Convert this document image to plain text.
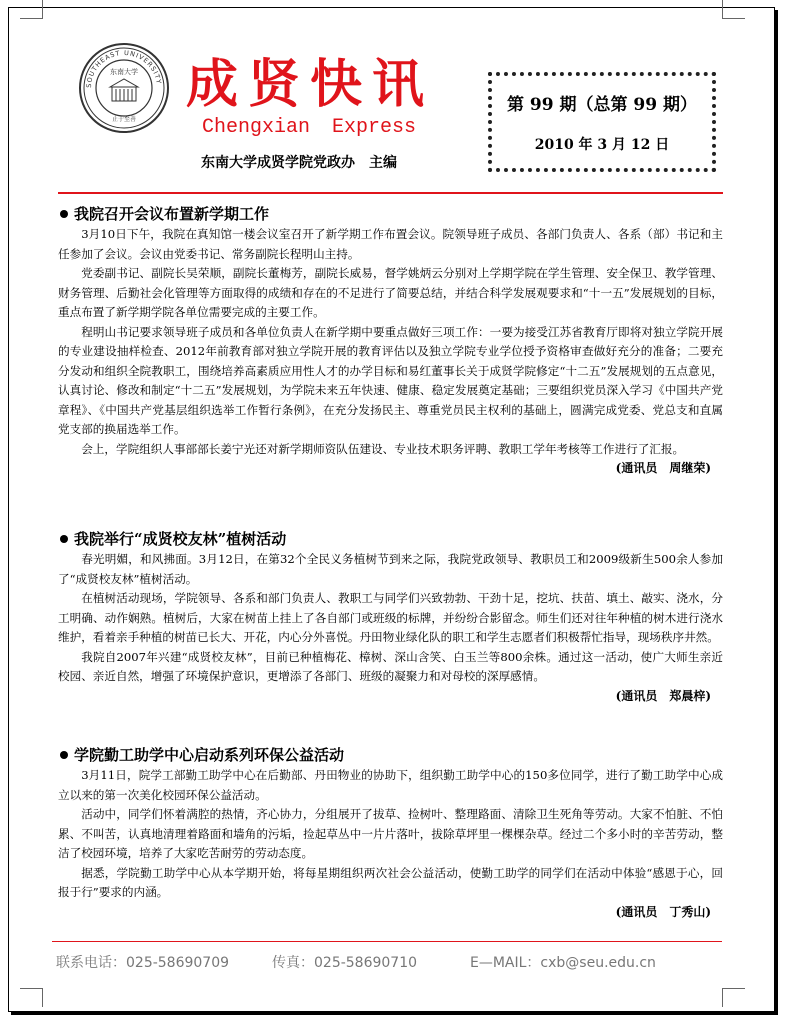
SOUTHEAST UNIVERSITY
东南大学
止于至善
成贤快讯
Chengxian Express
东南大学成贤学院党政办　主编
第 99 期（总第 99 期）
2010 年 3 月 12 日
我院召开会议布置新学期工作

3月10日下午，我院在真知馆一楼会议室召开了新学期工作布置会议。院领导班子成员、各部门负责人、各系（部）书记和主任参加了会议。会议由党委书记、常务副院长程明山主持。

党委副书记、副院长吴荣顺，副院长董梅芳，副院长威易，督学姚炳云分别对上学期学院在学生管理、安全保卫、教学管理、财务管理、后勤社会化管理等方面取得的成绩和存在的不足进行了简要总结，并结合科学发展观要求和“十一五”发展规划的目标，重点布置了新学期学院各单位需要完成的主要工作。

程明山书记要求领导班子成员和各单位负责人在新学期中要重点做好三项工作：一要为接受江苏省教育厅即将对独立学院开展的专业建设抽样检查、2012年前教育部对独立学院开展的教育评估以及独立学院专业学位授予资格审查做好充分的准备；二要充分发动和组织全院教职工，围绕培养高素质应用性人才的办学目标和易红董事长关于成贤学院修定“十二五”发展规划的五点意见，认真讨论、修改和制定“十二五”发展规划，为学院未来五年快速、健康、稳定发展奠定基础；三要组织党员深入学习《中国共产党章程》、《中国共产党基层组织选举工作暂行条例》，在充分发扬民主、尊重党员民主权利的基础上，圆满完成党委、党总支和直属党支部的换届选举工作。

会上，学院组织人事部部长姜宁光还对新学期师资队伍建设、专业技术职务评聘、教职工学年考核等工作进行了汇报。

(通讯员　周继荣)
我院举行“成贤校友林”植树活动

春光明媚，和风拂面。3月12日，在第32个全民义务植树节到来之际，我院党政领导、教职员工和2009级新生500余人参加了“成贤校友林”植树活动。

在植树活动现场，学院领导、各系和部门负责人、教职工与同学们兴致勃勃、干劲十足，挖坑、扶苗、填土、敲实、浇水，分工明确、动作娴熟。植树后，大家在树苗上挂上了各自部门或班级的标牌，并纷纷合影留念。师生们还对往年种植的树木进行浇水维护，看着亲手种植的树苗已长大、开花，内心分外喜悦。丹田物业绿化队的职工和学生志愿者们积极帮忙指导，现场秩序井然。

我院自2007年兴建“成贤校友林”，目前已种植梅花、樟树、深山含笑、白玉兰等800余株。通过这一活动，使广大师生亲近校园、亲近自然，增强了环境保护意识，更增添了各部门、班级的凝聚力和对母校的深厚感情。

(通讯员　郑晨梓)
学院勤工助学中心启动系列环保公益活动

3月11日，院学工部勤工助学中心在后勤部、丹田物业的协助下，组织勤工助学中心的150多位同学，进行了勤工助学中心成立以来的第一次美化校园环保公益活动。

活动中，同学们怀着满腔的热情，齐心协力，分组展开了拔草、捡树叶、整理路面、清除卫生死角等劳动。大家不怕脏、不怕累、不叫苦，认真地清理着路面和墙角的污垢，捡起草丛中一片片落叶，拔除草坪里一棵棵杂草。经过二个多小时的辛苦劳动，整洁了校园环境，培养了大家吃苦耐劳的劳动态度。

据悉，学院勤工助学中心从本学期开始，将每星期组织两次社会公益活动，使勤工助学的同学们在活动中体验“感恩于心，回报于行”要求的内涵。

(通讯员　丁秀山)
联系电话：025-58690709	传真：025-58690710	E—MAIL：cxb@seu.edu.cn
